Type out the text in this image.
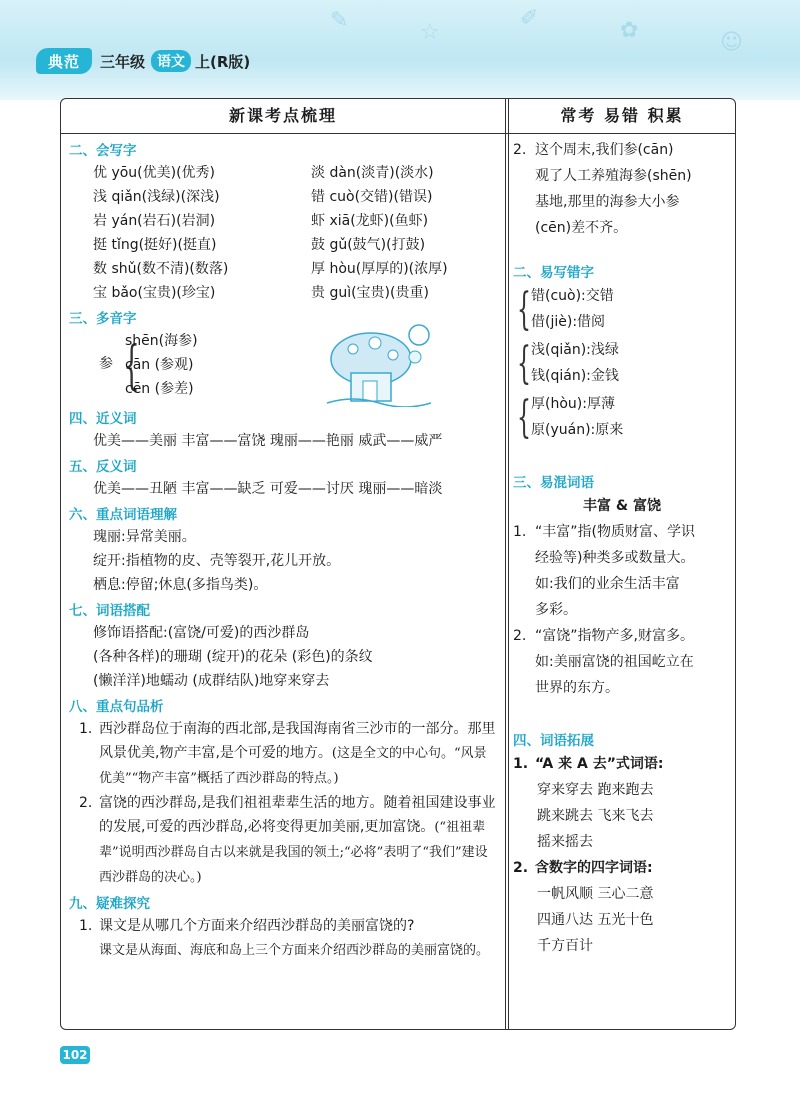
✎	☆
✐	✿	☺
典范	三年级 语文 上(R版)
新课考点梳理	常考 易错 积累
二、会写字
优 yōu(优美)(优秀)	淡 dàn(淡青)(淡水)
浅 qiǎn(浅绿)(深浅)	错 cuò(交错)(错误)
岩 yán(岩石)(岩洞)	虾 xiā(龙虾)(鱼虾)
挺 tǐng(挺好)(挺直)	鼓 gǔ(鼓气)(打鼓)
数 shǔ(数不清)(数落)	厚 hòu(厚厚的)(浓厚)
宝 bǎo(宝贵)(珍宝)	贵 guì(宝贵)(贵重)
三、多音字
参 {
shēn(海参)
cān (参观)
cēn (参差)
四、近义词
优美——美丽 丰富——富饶 瑰丽——艳丽 威武——威严
五、反义词
优美——丑陋 丰富——缺乏 可爱——讨厌 瑰丽——暗淡
六、重点词语理解
瑰丽:异常美丽。
绽开:指植物的皮、壳等裂开,花儿开放。
栖息:停留;休息(多指鸟类)。
七、词语搭配
修饰语搭配:(富饶/可爱)的西沙群岛
(各种各样)的珊瑚 (绽开)的花朵 (彩色)的条纹
(懒洋洋)地蠕动 (成群结队)地穿来穿去
八、重点句品析
1. 西沙群岛位于南海的西北部,是我国海南省三沙市的一部分。那里风景优美,物产丰富,是个可爱的地方。(这是全文的中心句。“风景优美”“物产丰富”概括了西沙群岛的特点。)
2. 富饶的西沙群岛,是我们祖祖辈辈生活的地方。随着祖国建设事业的发展,可爱的西沙群岛,必将变得更加美丽,更加富饶。(“祖祖辈辈”说明西沙群岛自古以来就是我国的领土;“必将”表明了“我们”建设西沙群岛的决心。)
九、疑难探究
1. 课文是从哪几个方面来介绍西沙群岛的美丽富饶的?
课文是从海面、海底和岛上三个方面来介绍西沙群岛的美丽富饶的。
2. 这个周末,我们参(cān)
观了人工养殖海参(shēn)
基地,那里的海参大小参
(cēn)差不齐。
二、易写错字
{ 错(cuò):交错
借(jiè):借阅
{ 浅(qiǎn):浅绿
钱(qián):金钱
{ 厚(hòu):厚薄
原(yuán):原来
三、易混词语
丰富 & 富饶
1. “丰富”指(物质财富、学识
经验等)种类多或数量大。
如:我们的业余生活丰富
多彩。
2. “富饶”指物产多,财富多。
如:美丽富饶的祖国屹立在
世界的东方。
四、词语拓展
1. “A 来 A 去”式词语:
穿来穿去 跑来跑去
跳来跳去 飞来飞去
摇来摇去
2. 含数字的四字词语:
一帆风顺 三心二意
四通八达 五光十色
千方百计
102
